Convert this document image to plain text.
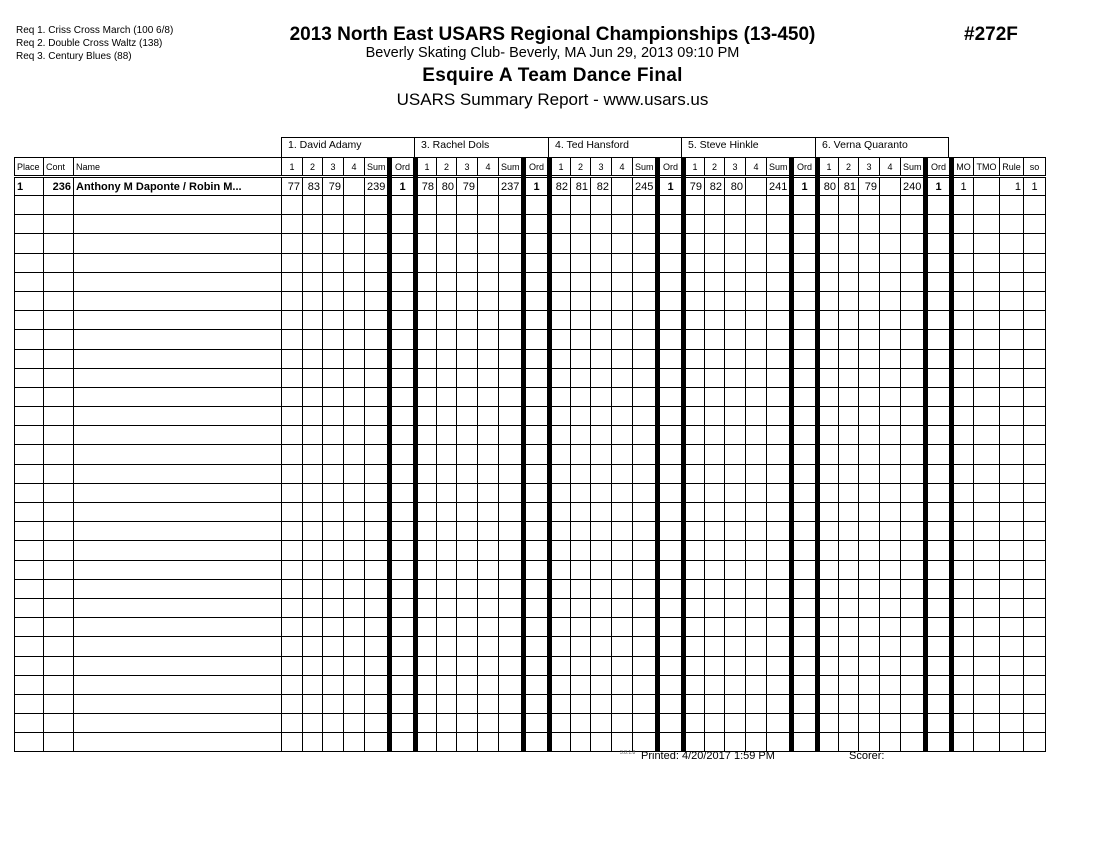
Req 1. Criss Cross March (100 6/8)
Req 2. Double Cross Waltz (138)
Req 3. Century Blues (88)
2013 North East USARS Regional Championships (13-450)
Beverly Skating Club- Beverly, MA Jun 29, 2013 09:10 PM
Esquire A Team Dance Final
USARS Summary Report - www.usars.us
#272F
1. David Adamy	3. Rachel Dols	4. Ted Hansford	5. Steve Hinkle	6. Verna Quaranto
Place	Cont	Name	1	2	3	4	Sum	Ord	1	2	3	4	Sum	Ord	1	2	3	4	Sum	Ord	1	2	3	4	Sum	Ord	1	2	3	4	Sum	Ord	MO	TMO	Rule	so
1	236	Anthony M Daponte / Robin M...	77	83	79		239	1	78	80	79		237	1	82	81	82		245	1	79	82	80		241	1	80	81	79		240	1	1		1	1

3.8.1.8 Printed: 4/20/2017 1:59 PM	Scorer:
